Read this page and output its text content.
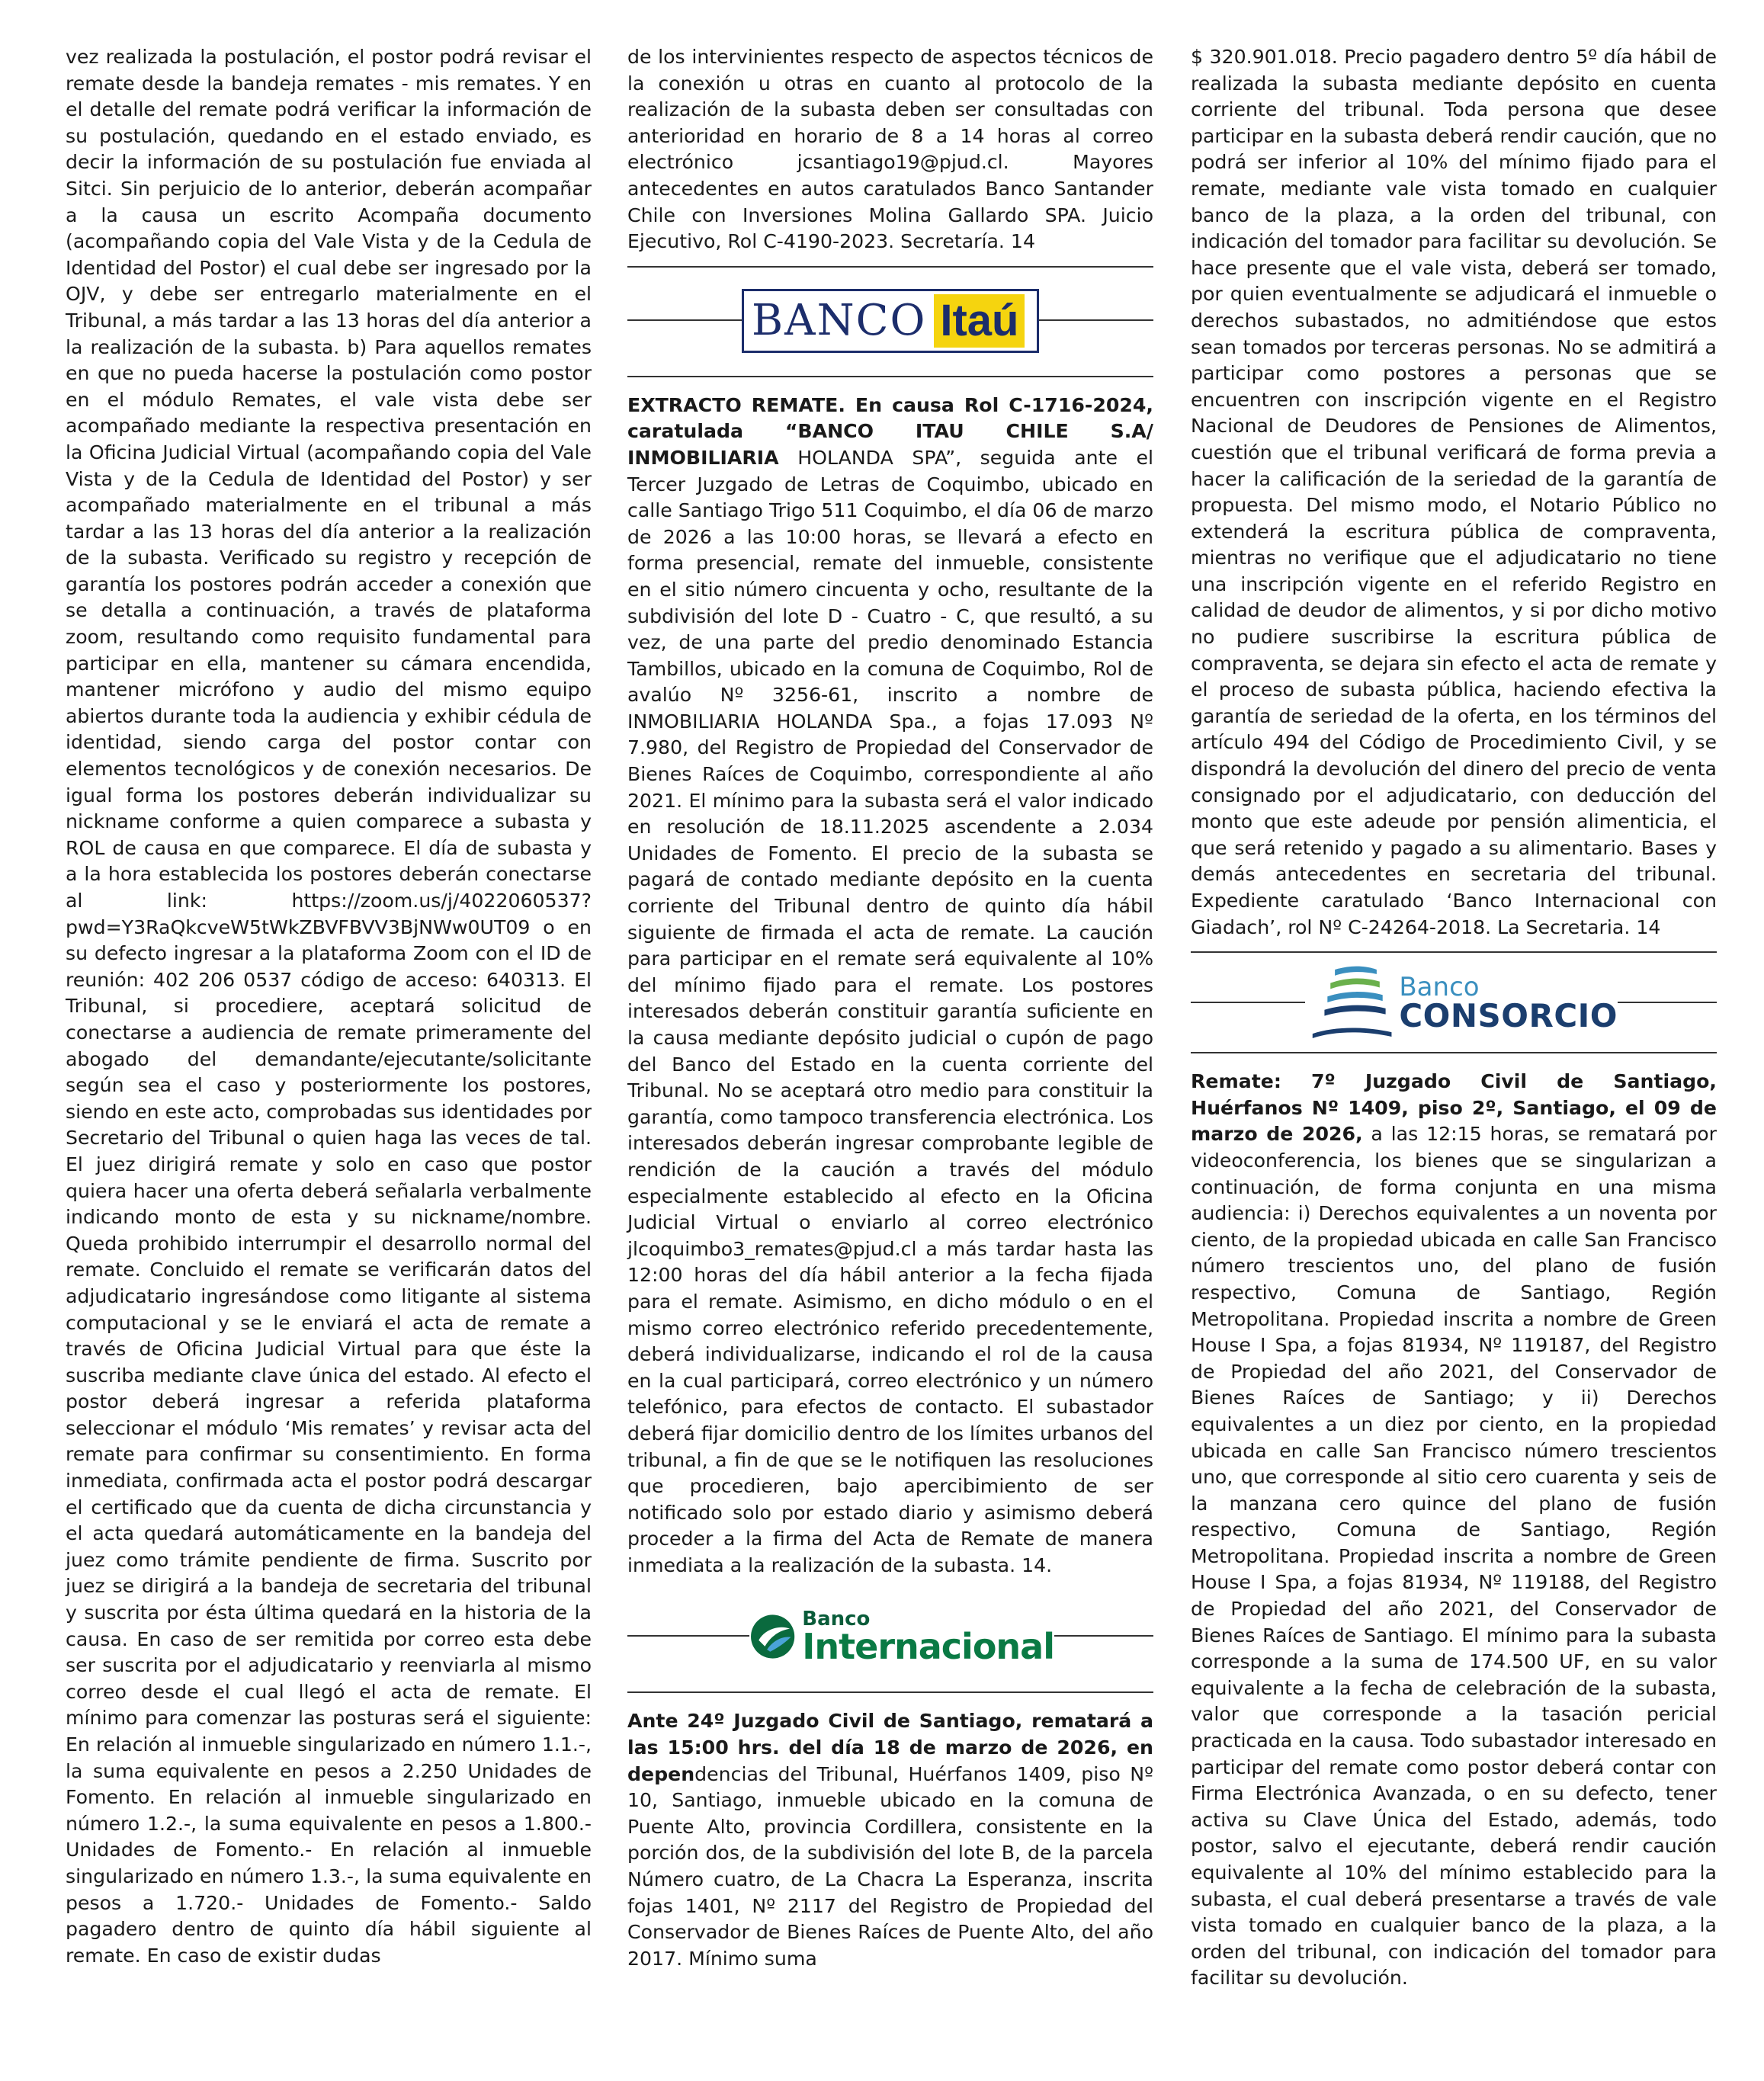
vez realizada la postulación, el postor podrá revisar el remate desde la bandeja remates - mis remates. Y en el detalle del remate podrá verificar la información de su postulación, quedando en el estado enviado, es decir la información de su postulación fue enviada al Sitci. Sin perjuicio de lo anterior, deberán acompañar a la causa un escrito Acompaña documento (acompañando copia del Vale Vista y de la Cedula de Identidad del Postor) el cual debe ser ingresado por la OJV, y debe ser entregarlo materialmente en el Tribunal, a más tardar a las 13 horas del día anterior a la realización de la subasta. b) Para aquellos remates en que no pueda hacerse la postulación como postor en el módulo Remates, el vale vista debe ser acompañado mediante la respectiva presentación en la Oficina Judicial Virtual (acompañando copia del Vale Vista y de la Cedula de Identidad del Postor) y ser acompañado materialmente en el tribunal a más tardar a las 13 horas del día anterior a la realización de la subasta. Verificado su registro y recepción de garantía los postores podrán acceder a conexión que se detalla a continuación, a través de plataforma zoom, resultando como requisito fundamental para participar en ella, mantener su cámara encendida, mantener micrófono y audio del mismo equipo abiertos durante toda la audiencia y exhibir cédula de identidad, siendo carga del postor contar con elementos tecnológicos y de conexión necesarios. De igual forma los postores deberán individualizar su nickname conforme a quien comparece a subasta y ROL de causa en que comparece. El día de subasta y a la hora establecida los postores deberán conectarse al link: https://zoom.us/j/4022060537?pwd=Y3RaQkcveW5tWkZBVFBVV3BjNWw0UT09 o en su defecto ingresar a la plataforma Zoom con el ID de reunión: 402 206 0537 código de acceso: 640313. El Tribunal, si procediere, aceptará solicitud de conectarse a audiencia de remate primeramente del abogado del demandante/ejecutante/solicitante según sea el caso y posteriormente los postores, siendo en este acto, comprobadas sus identidades por Secretario del Tribunal o quien haga las veces de tal. El juez dirigirá remate y solo en caso que postor quiera hacer una oferta deberá señalarla verbalmente indicando monto de esta y su nickname/nombre. Queda prohibido interrumpir el desarrollo normal del remate. Concluido el remate se verificarán datos del adjudicatario ingresándose como litigante al sistema computacional y se le enviará el acta de remate a través de Oficina Judicial Virtual para que éste la suscriba mediante clave única del estado. Al efecto el postor deberá ingresar a referida plataforma seleccionar el módulo ‘Mis remates’ y revisar acta del remate para confirmar su consentimiento. En forma inmediata, confirmada acta el postor podrá descargar el certificado que da cuenta de dicha circunstancia y el acta quedará automáticamente en la bandeja del juez como trámite pendiente de firma. Suscrito por juez se dirigirá a la bandeja de secretaria del tribunal y suscrita por ésta última quedará en la historia de la causa. En caso de ser remitida por correo esta debe ser suscrita por el adjudicatario y reenviarla al mismo correo desde el cual llegó el acta de remate. El mínimo para comenzar las posturas será el siguiente: En relación al inmueble singularizado en número 1.1.-, la suma equivalente en pesos a 2.250 Unidades de Fomento. En relación al inmueble singularizado en número 1.2.-, la suma equivalente en pesos a 1.800.- Unidades de Fomento.- En relación al inmueble singularizado en número 1.3.-, la suma equivalente en pesos a 1.720.- Unidades de Fomento.- Saldo pagadero dentro de quinto día hábil siguiente al remate. En caso de existir dudas

de los intervinientes respecto de aspectos técnicos de la conexión u otras en cuanto al protocolo de la realización de la subasta deben ser consultadas con anterioridad en horario de 8 a 14 horas al correo electrónico jcsantiago19@pjud.cl. Mayores antecedentes en autos caratulados Banco Santander Chile con Inversiones Molina Gallardo SPA. Juicio Ejecutivo, Rol C-4190-2023. Secretaría. 14

BANCO Itaú

EXTRACTO REMATE. En causa Rol C-1716-2024, caratulada “BANCO ITAU CHILE S.A/ INMOBILIARIA HOLANDA SPA”, seguida ante el Tercer Juzgado de Letras de Coquimbo, ubicado en calle Santiago Trigo 511 Coquimbo, el día 06 de marzo de 2026 a las 10:00 horas, se llevará a efecto en forma presencial, remate del inmueble, consistente en el sitio número cincuenta y ocho, resultante de la subdivisión del lote D - Cuatro - C, que resultó, a su vez, de una parte del predio denominado Estancia Tambillos, ubicado en la comuna de Coquimbo, Rol de avalúo Nº 3256-61, inscrito a nombre de INMOBILIARIA HOLANDA Spa., a fojas 17.093 Nº 7.980, del Registro de Propiedad del Conservador de Bienes Raíces de Coquimbo, correspondiente al año 2021. El mínimo para la subasta será el valor indicado en resolución de 18.11.2025 ascendente a 2.034 Unidades de Fomento. El precio de la subasta se pagará de contado mediante depósito en la cuenta corriente del Tribunal dentro de quinto día hábil siguiente de firmada el acta de remate. La caución para participar en el remate será equivalente al 10% del mínimo fijado para el remate. Los postores interesados deberán constituir garantía suficiente en la causa mediante depósito judicial o cupón de pago del Banco del Estado en la cuenta corriente del Tribunal. No se aceptará otro medio para constituir la garantía, como tampoco transferencia electrónica. Los interesados deberán ingresar comprobante legible de rendición de la caución a través del módulo especialmente establecido al efecto en la Oficina Judicial Virtual o enviarlo al correo electrónico jlcoquimbo3_remates@pjud.cl a más tardar hasta las 12:00 horas del día hábil anterior a la fecha fijada para el remate. Asimismo, en dicho módulo o en el mismo correo electrónico referido precedentemente, deberá individualizarse, indicando el rol de la causa en la cual participará, correo electrónico y un número telefónico, para efectos de contacto. El subastador deberá fijar domicilio dentro de los límites urbanos del tribunal, a fin de que se le notifiquen las resoluciones que procedieren, bajo apercibimiento de ser notificado solo por estado diario y asimismo deberá proceder a la firma del Acta de Remate de manera inmediata a la realización de la subasta. 14.

Banco
Internacional

Ante 24º Juzgado Civil de Santiago, rematará a las 15:00 hrs. del día 18 de marzo de 2026, en dependencias del Tribunal, Huérfanos 1409, piso Nº 10, Santiago, inmueble ubicado en la comuna de Puente Alto, provincia Cordillera, consistente en la porción dos, de la subdivisión del lote B, de la parcela Número cuatro, de La Chacra La Esperanza, inscrita fojas 1401, Nº 2117 del Registro de Propiedad del Conservador de Bienes Raíces de Puente Alto, del año 2017. Mínimo suma

$ 320.901.018. Precio pagadero dentro 5º día hábil de realizada la subasta mediante depósito en cuenta corriente del tribunal. Toda persona que desee participar en la subasta deberá rendir caución, que no podrá ser inferior al 10% del mínimo fijado para el remate, mediante vale vista tomado en cualquier banco de la plaza, a la orden del tribunal, con indicación del tomador para facilitar su devolución. Se hace presente que el vale vista, deberá ser tomado, por quien eventualmente se adjudicará el inmueble o derechos subastados, no admitiéndose que estos sean tomados por terceras personas. No se admitirá a participar como postores a personas que se encuentren con inscripción vigente en el Registro Nacional de Deudores de Pensiones de Alimentos, cuestión que el tribunal verificará de forma previa a hacer la calificación de la seriedad de la garantía de propuesta. Del mismo modo, el Notario Público no extenderá la escritura pública de compraventa, mientras no verifique que el adjudicatario no tiene una inscripción vigente en el referido Registro en calidad de deudor de alimentos, y si por dicho motivo no pudiere suscribirse la escritura pública de compraventa, se dejara sin efecto el acta de remate y el proceso de subasta pública, haciendo efectiva la garantía de seriedad de la oferta, en los términos del artículo 494 del Código de Procedimiento Civil, y se dispondrá la devolución del dinero del precio de venta consignado por el adjudicatario, con deducción del monto que este adeude por pensión alimenticia, el que será retenido y pagado a su alimentario. Bases y demás antecedentes en secretaria del tribunal. Expediente caratulado ‘Banco Internacional con Giadach’, rol Nº C-24264-2018. La Secretaria. 14

Banco
CONSORCIO

Remate: 7º Juzgado Civil de Santiago, Huérfanos Nº 1409, piso 2º, Santiago, el 09 de marzo de 2026, a las 12:15 horas, se rematará por videoconferencia, los bienes que se singularizan a continuación, de forma conjunta en una misma audiencia: i) Derechos equivalentes a un noventa por ciento, de la propiedad ubicada en calle San Francisco número trescientos uno, del plano de fusión respectivo, Comuna de Santiago, Región Metropolitana. Propiedad inscrita a nombre de Green House I Spa, a fojas 81934, Nº 119187, del Registro de Propiedad del año 2021, del Conservador de Bienes Raíces de Santiago; y ii) Derechos equivalentes a un diez por ciento, en la propiedad ubicada en calle San Francisco número trescientos uno, que corresponde al sitio cero cuarenta y seis de la manzana cero quince del plano de fusión respectivo, Comuna de Santiago, Región Metropolitana. Propiedad inscrita a nombre de Green House I Spa, a fojas 81934, Nº 119188, del Registro de Propiedad del año 2021, del Conservador de Bienes Raíces de Santiago. El mínimo para la subasta corresponde a la suma de 174.500 UF, en su valor equivalente a la fecha de celebración de la subasta, valor que corresponde a la tasación pericial practicada en la causa. Todo subastador interesado en participar del remate como postor deberá contar con Firma Electrónica Avanzada, o en su defecto, tener activa su Clave Única del Estado, además, todo postor, salvo el ejecutante, deberá rendir caución equivalente al 10% del mínimo establecido para la subasta, el cual deberá presentarse a través de vale vista tomado en cualquier banco de la plaza, a la orden del tribunal, con indicación del tomador para facilitar su devolución.
